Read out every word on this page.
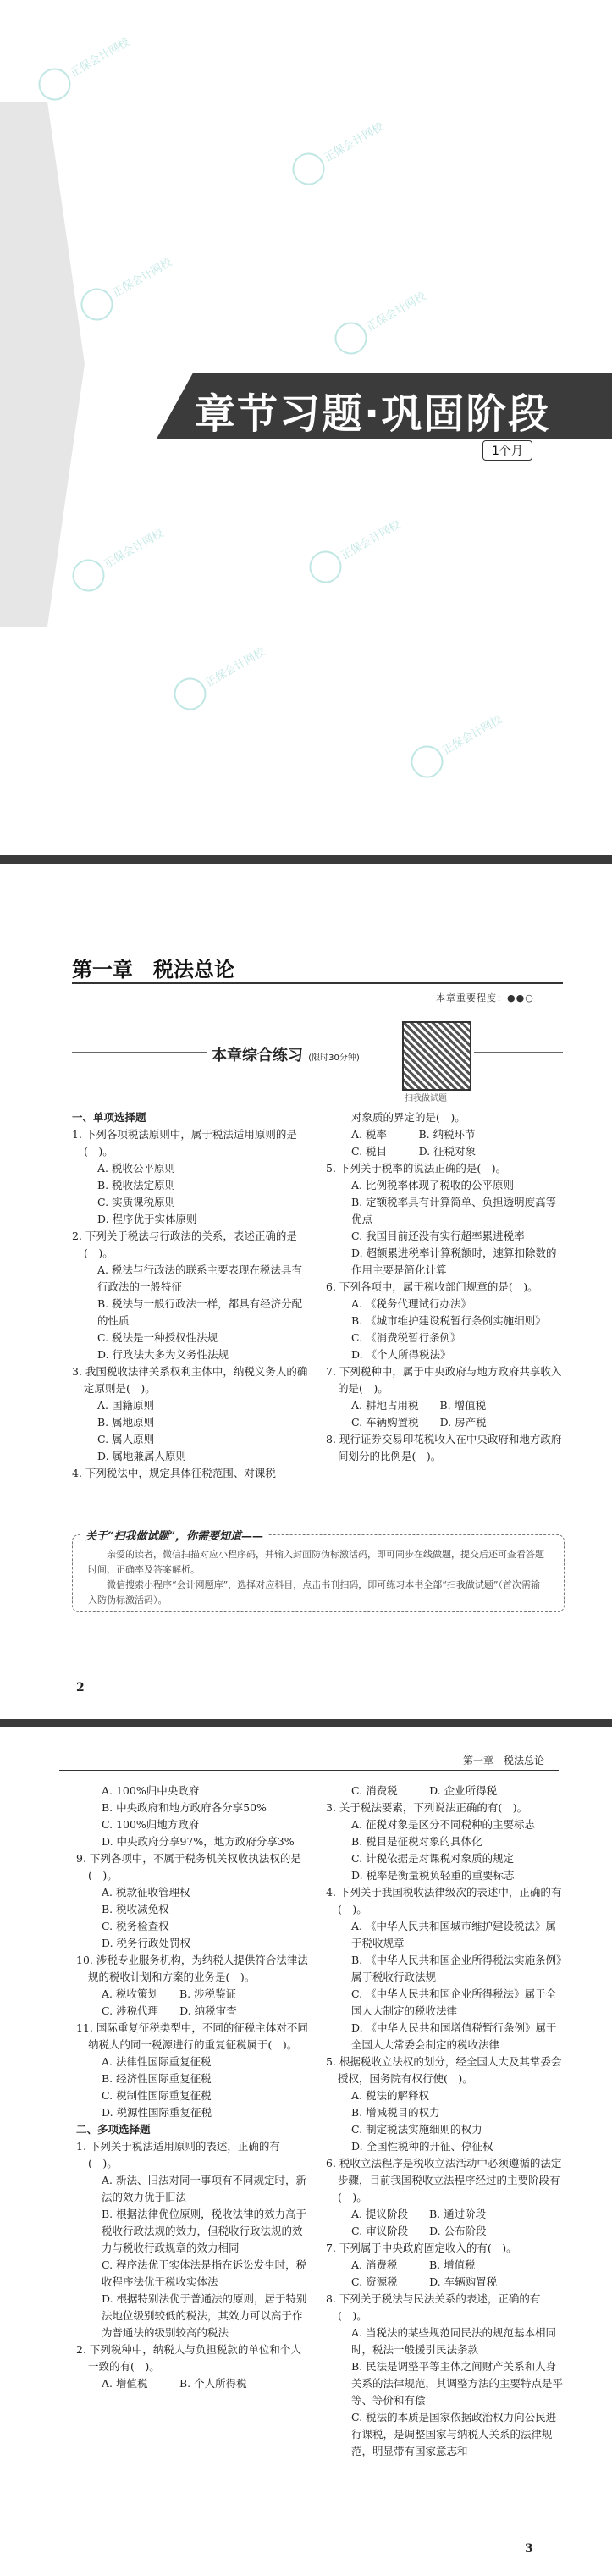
正保会计网校
正保会计网校
正保会计网校
正保会计网校
正保会计网校	正保会计网校
正保会计网校
正保会计网校
章节习题·巩固阶段
1个月
第一章　税法总论
本章重要程度：●●○
本章综合练习 (限时30分钟)
扫我做试题

一、单项选择题

1. 下列各项税法原则中，属于税法适用原则的是(　)。

A. 税收公平原则

B. 税收法定原则

C. 实质课税原则

D. 程序优于实体原则

2. 下列关于税法与行政法的关系，表述正确的是(　)。

A. 税法与行政法的联系主要表现在税法具有行政法的一般特征

B. 税法与一般行政法一样，都具有经济分配的性质

C. 税法是一种授权性法规

D. 行政法大多为义务性法规

3. 我国税收法律关系权利主体中，纳税义务人的确定原则是(　)。

A. 国籍原则

B. 属地原则

C. 属人原则

D. 属地兼属人原则

4. 下列税法中，规定具体征税范围、对课税

对象质的界定的是(　)。

A. 税率　　　B. 纳税环节

C. 税目　　　D. 征税对象

5. 下列关于税率的说法正确的是(　)。

A. 比例税率体现了税收的公平原则

B. 定额税率具有计算简单、负担透明度高等优点

C. 我国目前还没有实行超率累进税率

D. 超额累进税率计算税额时，速算扣除数的作用主要是简化计算

6. 下列各项中，属于税收部门规章的是(　)。

A. 《税务代理试行办法》

B. 《城市维护建设税暂行条例实施细则》

C. 《消费税暂行条例》

D. 《个人所得税法》

7. 下列税种中，属于中央政府与地方政府共享收入的是(　)。

A. 耕地占用税　　B. 增值税

C. 车辆购置税　　D. 房产税

8. 现行证券交易印花税收入在中央政府和地方政府间划分的比例是(　)。

亲爱的读者，微信扫描对应小程序码，并输入封面防伪标激活码，即可同步在线做题，提交后还可查看答题时间、正确率及答案解析。

微信搜索小程序“会计网题库”，选择对应科目，点击书刊扫码，即可练习本书全部“扫我做试题”（首次需输入防伪标激活码）。

关于“扫我做试题”，你需要知道——
2
第一章　税法总论

A. 100%归中央政府

B. 中央政府和地方政府各分享50%

C. 100%归地方政府

D. 中央政府分享97%，地方政府分享3%

9. 下列各项中，不属于税务机关权收执法权的是(　)。

A. 税款征收管理权

B. 税收减免权

C. 税务检查权

D. 税务行政处罚权

10. 涉税专业服务机构，为纳税人提供符合法律法规的税收计划和方案的业务是(　)。

A. 税收策划　　B. 涉税鉴证

C. 涉税代理　　D. 纳税审查

11. 国际重复征税类型中，不同的征税主体对不同纳税人的同一税源进行的重复征税属于(　)。

A. 法律性国际重复征税

B. 经济性国际重复征税

C. 税制性国际重复征税

D. 税源性国际重复征税

二、多项选择题

1. 下列关于税法适用原则的表述，正确的有(　)。

A. 新法、旧法对同一事项有不同规定时，新法的效力优于旧法

B. 根据法律优位原则，税收法律的效力高于税收行政法规的效力，但税收行政法规的效力与税收行政规章的效力相同

C. 程序法优于实体法是指在诉讼发生时，税收程序法优于税收实体法

D. 根据特别法优于普通法的原则，居于特别法地位级别较低的税法，其效力可以高于作为普通法的级别较高的税法

2. 下列税种中，纳税人与负担税款的单位和个人一致的有(　)。

A. 增值税　　　B. 个人所得税

C. 消费税　　　D. 企业所得税

3. 关于税法要素，下列说法正确的有(　)。

A. 征税对象是区分不同税种的主要标志

B. 税目是征税对象的具体化

C. 计税依据是对课税对象质的规定

D. 税率是衡量税负轻重的重要标志

4. 下列关于我国税收法律级次的表述中，正确的有(　)。

A. 《中华人民共和国城市维护建设税法》属于税收规章

B. 《中华人民共和国企业所得税法实施条例》属于税收行政法规

C. 《中华人民共和国企业所得税法》属于全国人大制定的税收法律

D. 《中华人民共和国增值税暂行条例》属于全国人大常委会制定的税收法律

5. 根据税收立法权的划分，经全国人大及其常委会授权，国务院有权行使(　)。

A. 税法的解释权

B. 增减税目的权力

C. 制定税法实施细则的权力

D. 全国性税种的开征、停征权

6. 税收立法程序是税收立法活动中必须遵循的法定步骤，目前我国税收立法程序经过的主要阶段有(　)。

A. 提议阶段　　B. 通过阶段

C. 审议阶段　　D. 公布阶段

7. 下列属于中央政府固定收入的有(　)。

A. 消费税　　　B. 增值税

C. 资源税　　　D. 车辆购置税

8. 下列关于税法与民法关系的表述，正确的有(　)。

A. 当税法的某些规范同民法的规范基本相同时，税法一般援引民法条款

B. 民法是调整平等主体之间财产关系和人身关系的法律规范，其调整方法的主要特点是平等、等价和有偿

C. 税法的本质是国家依据政治权力向公民进行课税，是调整国家与纳税人关系的法律规范，明显带有国家意志和

3
